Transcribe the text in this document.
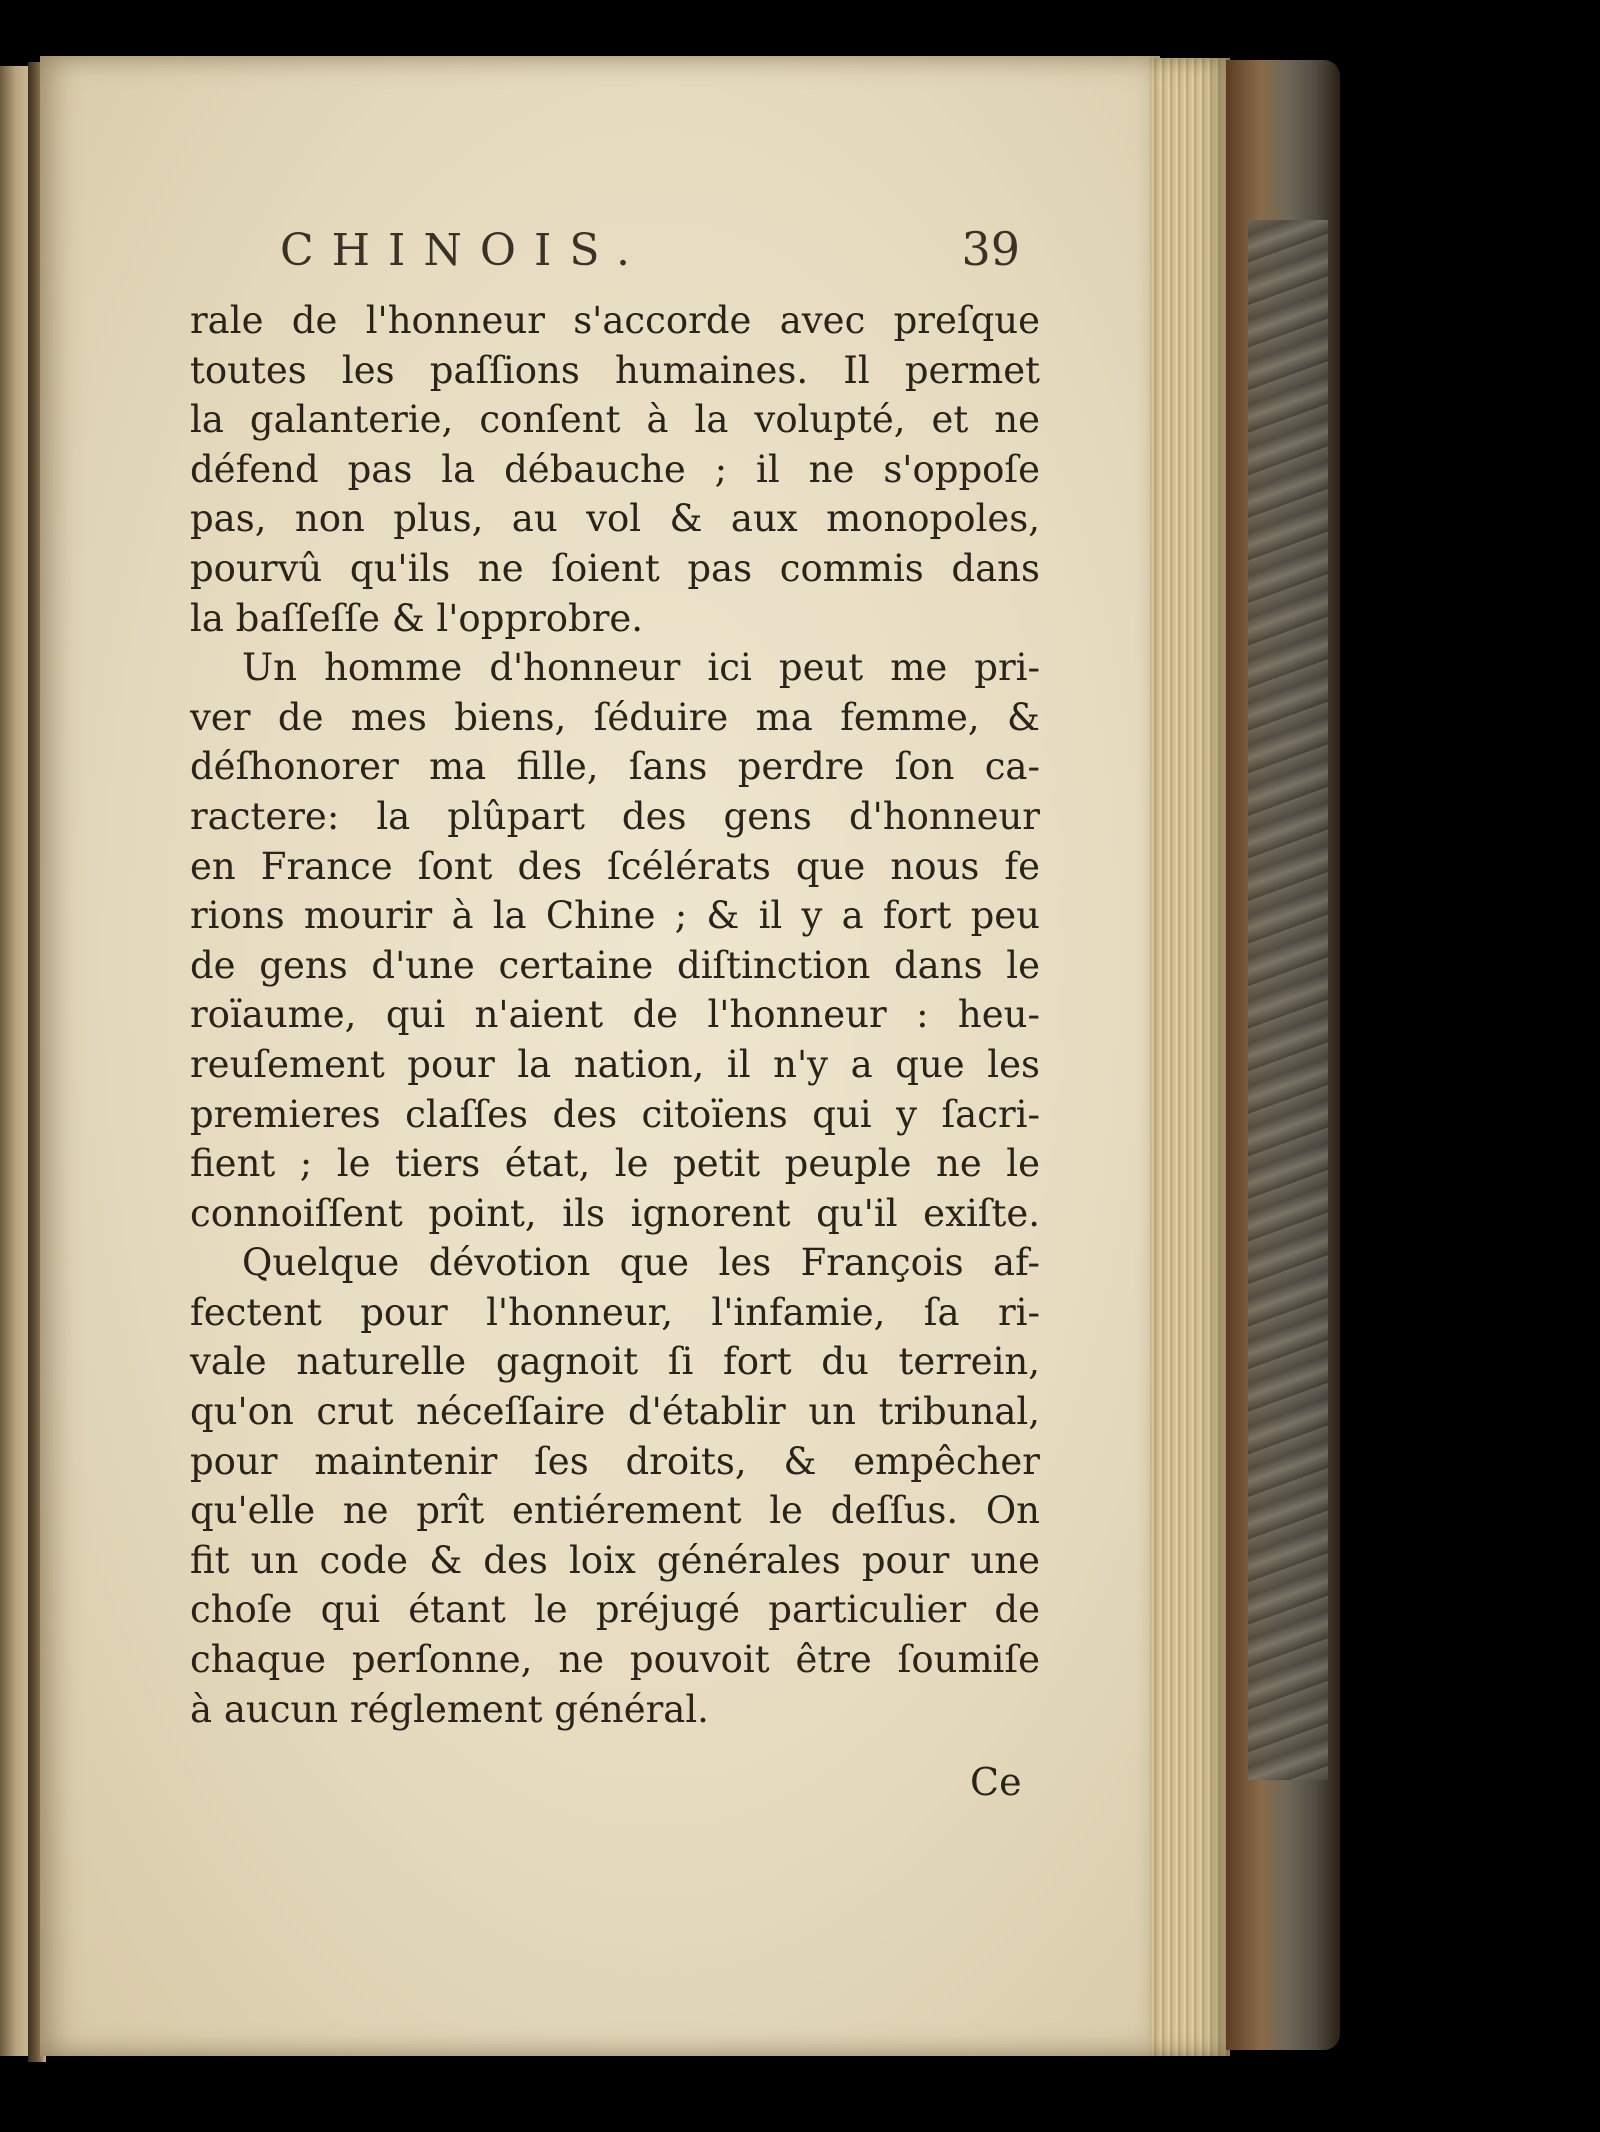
CHINOIS.	39
rale de l'honneur s'accorde avec preſque
toutes les paſſions humaines. Il permet
la galanterie, conſent à la volupté, et ne
défend pas la débauche ; il ne s'oppoſe
pas, non plus, au vol & aux monopoles,
pourvû qu'ils ne ſoient pas commis dans
la baſſeſſe & l'opprobre.
Un homme d'honneur ici peut me pri-
ver de mes biens, ſéduire ma femme, &
déſhonorer ma fille, ſans perdre ſon ca-
ractere: la plûpart des gens d'honneur
en France ſont des ſcélérats que nous fe
rions mourir à la Chine ; & il y a fort peu
de gens d'une certaine diſtinction dans le
roïaume, qui n'aient de l'honneur : heu-
reuſement pour la nation, il n'y a que les
premieres claſſes des citoïens qui y ſacri-
fient ; le tiers état, le petit peuple ne le
connoiſſent point, ils ignorent qu'il exiſte.
Quelque dévotion que les François af-
fectent pour l'honneur, l'infamie, ſa ri-
vale naturelle gagnoit ſi fort du terrein,
qu'on crut néceſſaire d'établir un tribunal,
pour maintenir ſes droits, & empêcher
qu'elle ne prît entiérement le deſſus. On
fit un code & des loix générales pour une
choſe qui étant le préjugé particulier de
chaque perſonne, ne pouvoit être ſoumiſe
à aucun réglement général.
Ce
